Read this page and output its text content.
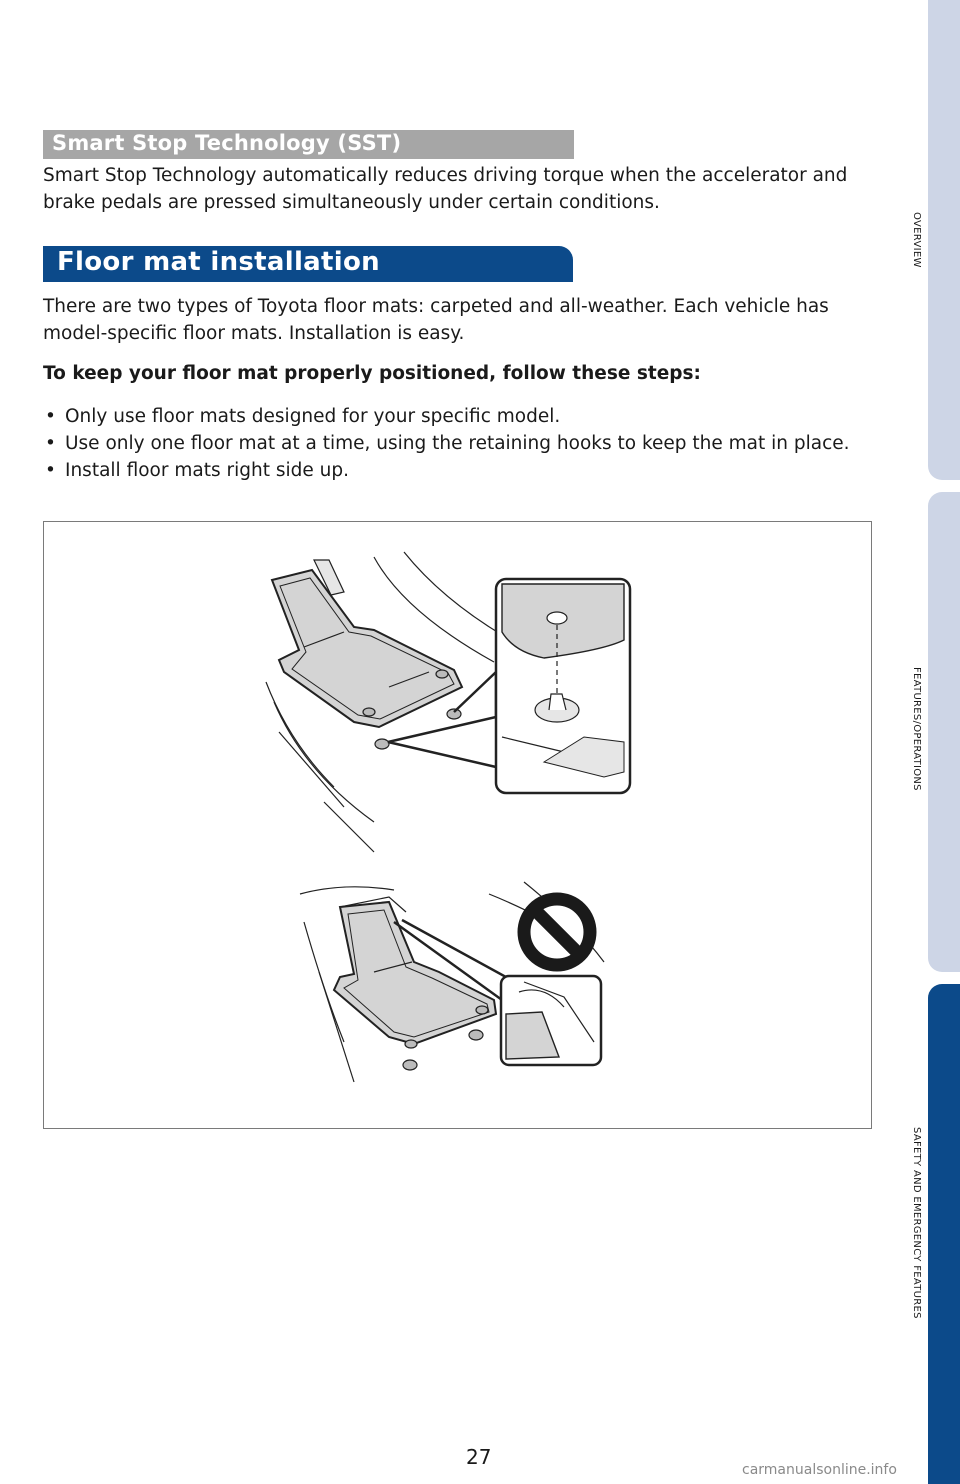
Smart Stop Technology (SST)
Smart Stop Technology automatically reduces driving torque when the accelerator and brake pedals are pressed simultaneously under certain conditions.
Floor mat installation
There are two types of Toyota floor mats: carpeted and all-weather. Each vehicle has model-specific floor mats. Installation is easy.
To keep your floor mat properly positioned, follow these steps:
• Only use floor mats designed for your specific model.
• Use only one floor mat at a time, using the retaining hooks to keep the mat in place.
• Install floor mats right side up.
OVERVIEW
FEATURES/OPERATIONS
SAFETY AND EMERGENCY FEATURES
27
carmanualsonline.info
